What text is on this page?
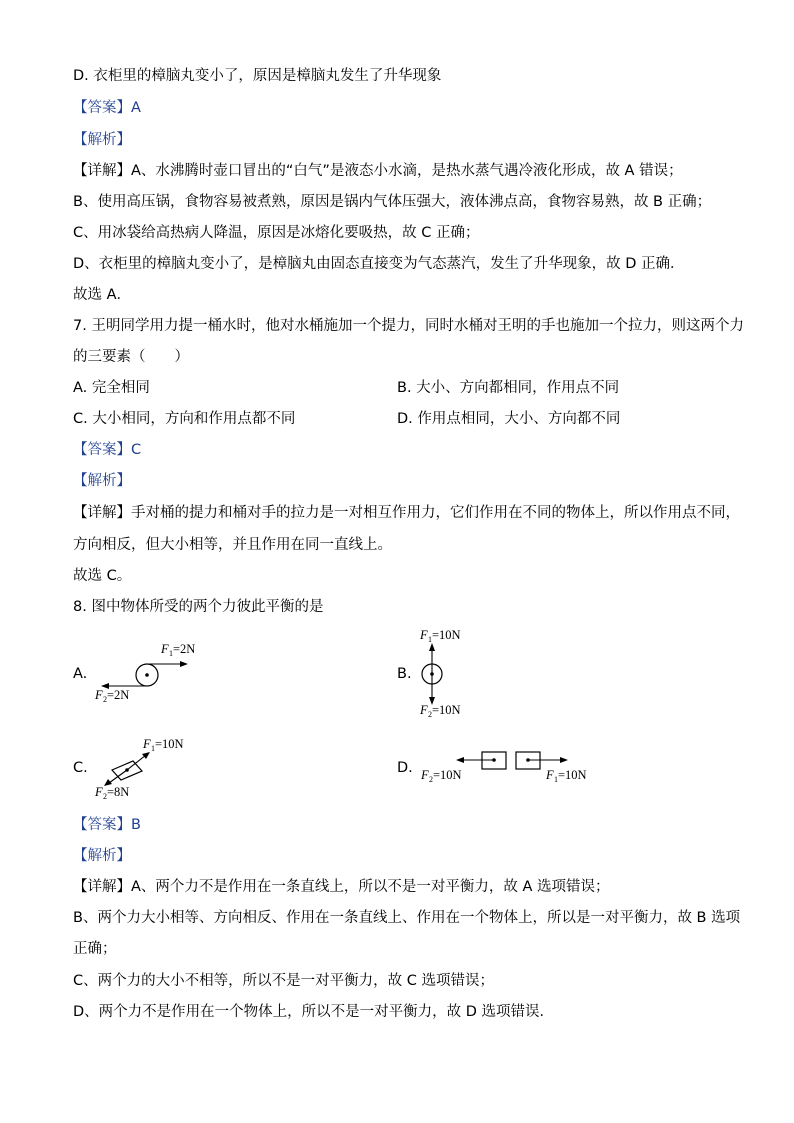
D. 衣柜里的樟脑丸变小了，原因是樟脑丸发生了升华现象
【答案】A
【解析】
【详解】A、水沸腾时壶口冒出的“白气”是液态小水滴，是热水蒸气遇冷液化形成，故 A 错误；
B、使用高压锅，食物容易被煮熟，原因是锅内气体压强大，液体沸点高，食物容易熟，故 B 正确；
C、用冰袋给高热病人降温，原因是冰熔化要吸热，故 C 正确；
D、衣柜里的樟脑丸变小了，是樟脑丸由固态直接变为气态蒸汽，发生了升华现象，故 D 正确．
故选 A．
7. 王明同学用力提一桶水时，他对水桶施加一个提力，同时水桶对王明的手也施加一个拉力，则这两个力
的三要素（　　）
A. 完全相同	B. 大小、方向都相同，作用点不同
C. 大小相同，方向和作用点都不同	D. 作用点相同，大小、方向都不同
【答案】C
【解析】
【详解】手对桶的提力和桶对手的拉力是一对相互作用力，它们作用在不同的物体上，所以作用点不同，
方向相反，但大小相等，并且作用在同一直线上。
故选 C。
8. 图中物体所受的两个力彼此平衡的是
A.
F 1 =2N
F 2 =2N
B.
F 1 =10N
F 2 =10N
C.
F 1 =10N
F 2 =8N
D. F 2 =10N	F 1 =10N
【答案】B
【解析】
【详解】A、两个力不是作用在一条直线上，所以不是一对平衡力，故 A 选项错误；
B、两个力大小相等、方向相反、作用在一条直线上、作用在一个物体上，所以是一对平衡力，故 B 选项
正确；
C、两个力的大小不相等，所以不是一对平衡力，故 C 选项错误；
D、两个力不是作用在一个物体上，所以不是一对平衡力，故 D 选项错误．
